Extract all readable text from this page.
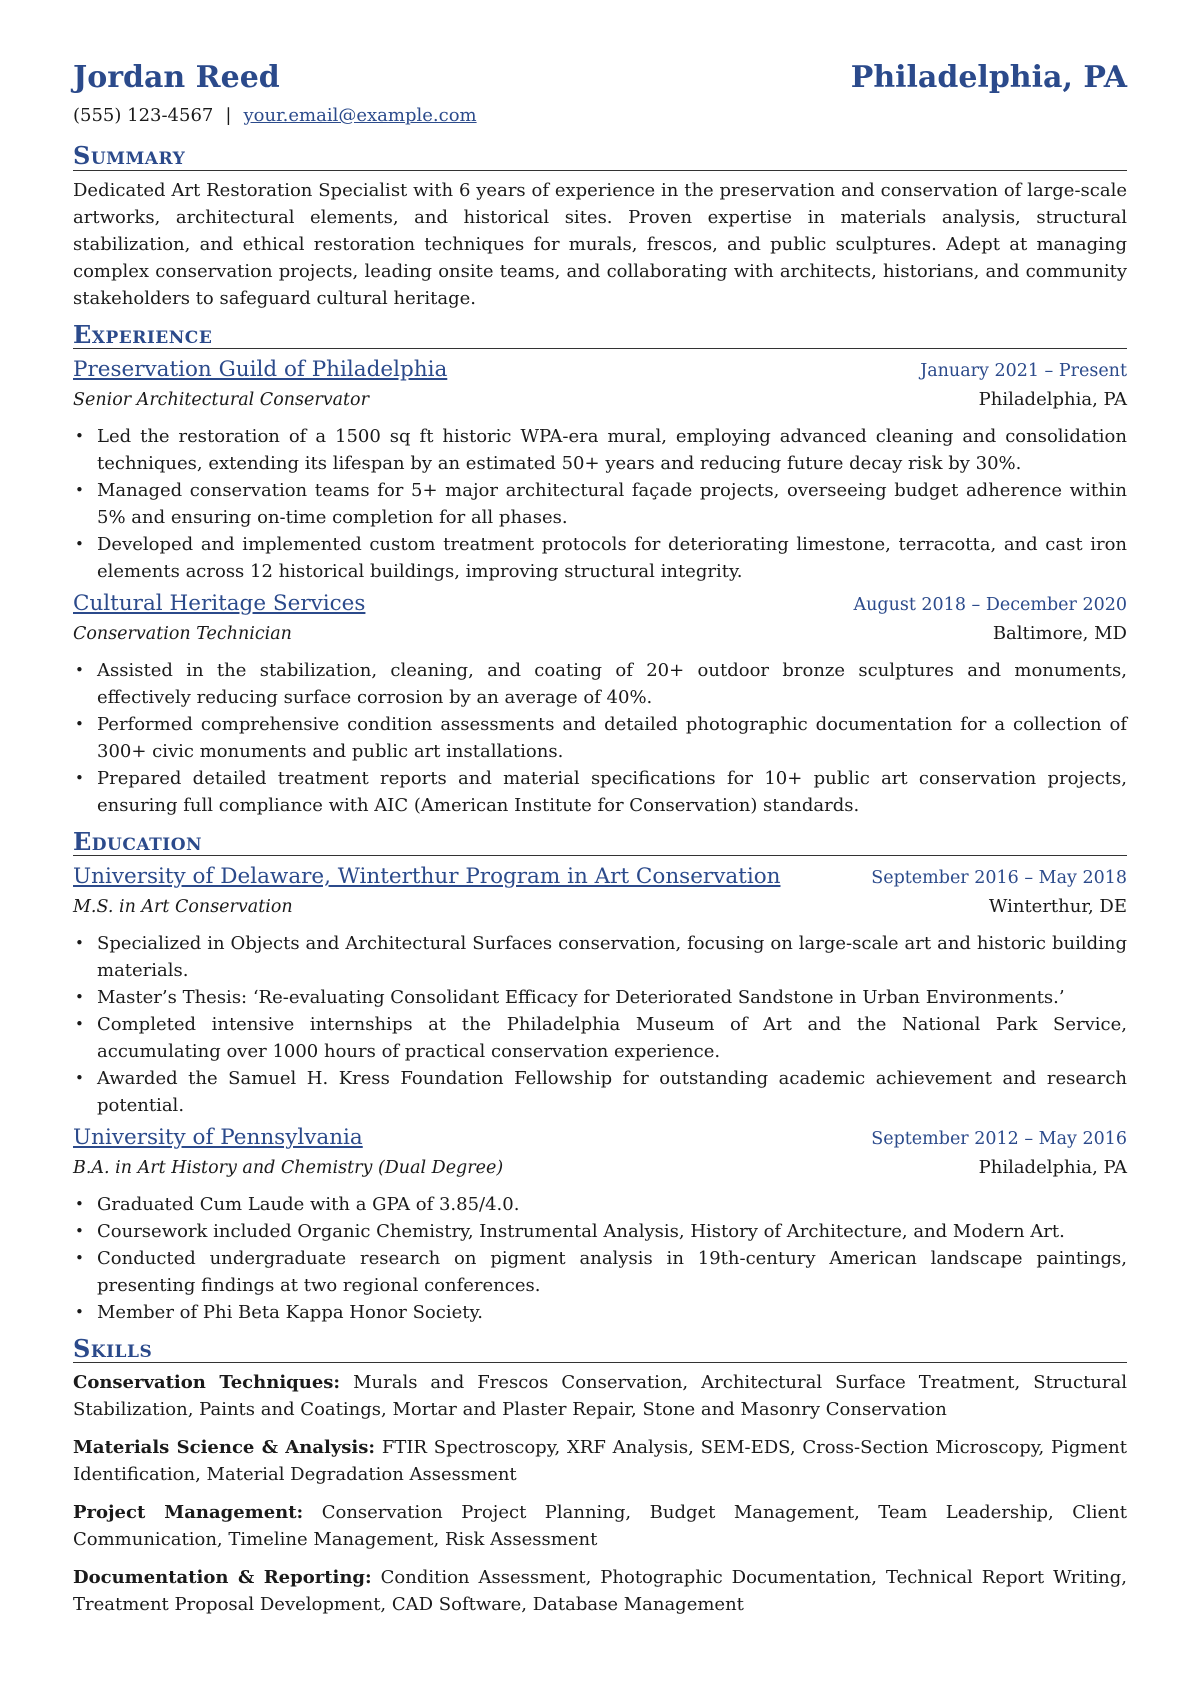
Jordan Reed	Philadelphia, PA
(555) 123-4567 | your.email@example.com
Summary
Dedicated Art Restoration Specialist with 6 years of experience in the preservation and conservation of large-scale artworks, architectural elements, and historical sites. Proven expertise in materials analysis, structural stabilization, and ethical restoration techniques for murals, frescos, and public sculptures. Adept at managing complex conservation projects, leading onsite teams, and collaborating with architects, historians, and community stakeholders to safeguard cultural heritage.
Experience
Preservation Guild of Philadelphia	January 2021 – Present
Senior Architectural Conservator	Philadelphia, PA
• Led the restoration of a 1500 sq ft historic WPA-era mural, employing advanced cleaning and consolidation techniques, extending its lifespan by an estimated 50+ years and reducing future decay risk by 30%.
• Managed conservation teams for 5+ major architectural façade projects, overseeing budget adherence within 5% and ensuring on-time completion for all phases.
• Developed and implemented custom treatment protocols for deteriorating limestone, terracotta, and cast iron elements across 12 historical buildings, improving structural integrity.
Cultural Heritage Services	August 2018 – December 2020
Conservation Technician	Baltimore, MD
• Assisted in the stabilization, cleaning, and coating of 20+ outdoor bronze sculptures and monuments, effectively reducing surface corrosion by an average of 40%.
• Performed comprehensive condition assessments and detailed photographic documentation for a collection of 300+ civic monuments and public art installations.
• Prepared detailed treatment reports and material specifications for 10+ public art conservation projects, ensuring full compliance with AIC (American Institute for Conservation) standards.
Education
University of Delaware, Winterthur Program in Art Conservation	September 2016 – May 2018
M.S. in Art Conservation	Winterthur, DE
• Specialized in Objects and Architectural Surfaces conservation, focusing on large-scale art and historic building materials.
• Master’s Thesis: ‘Re-evaluating Consolidant Efficacy for Deteriorated Sandstone in Urban Environments.’
• Completed intensive internships at the Philadelphia Museum of Art and the National Park Service, accumulating over 1000 hours of practical conservation experience.
• Awarded the Samuel H. Kress Foundation Fellowship for outstanding academic achievement and research potential.
University of Pennsylvania	September 2012 – May 2016
B.A. in Art History and Chemistry (Dual Degree)	Philadelphia, PA
• Graduated Cum Laude with a GPA of 3.85/4.0.
• Coursework included Organic Chemistry, Instrumental Analysis, History of Architecture, and Modern Art.
• Conducted undergraduate research on pigment analysis in 19th-century American landscape paintings, presenting findings at two regional conferences.
• Member of Phi Beta Kappa Honor Society.
Skills
Conservation Techniques: Murals and Frescos Conservation, Architectural Surface Treatment, Structural Stabilization, Paints and Coatings, Mortar and Plaster Repair, Stone and Masonry Conservation
Materials Science & Analysis: FTIR Spectroscopy, XRF Analysis, SEM-EDS, Cross-Section Microscopy, Pigment Identification, Material Degradation Assessment
Project Management: Conservation Project Planning, Budget Management, Team Leadership, Client Communication, Timeline Management, Risk Assessment
Documentation & Reporting: Condition Assessment, Photographic Documentation, Technical Report Writing, Treatment Proposal Development, CAD Software, Database Management
